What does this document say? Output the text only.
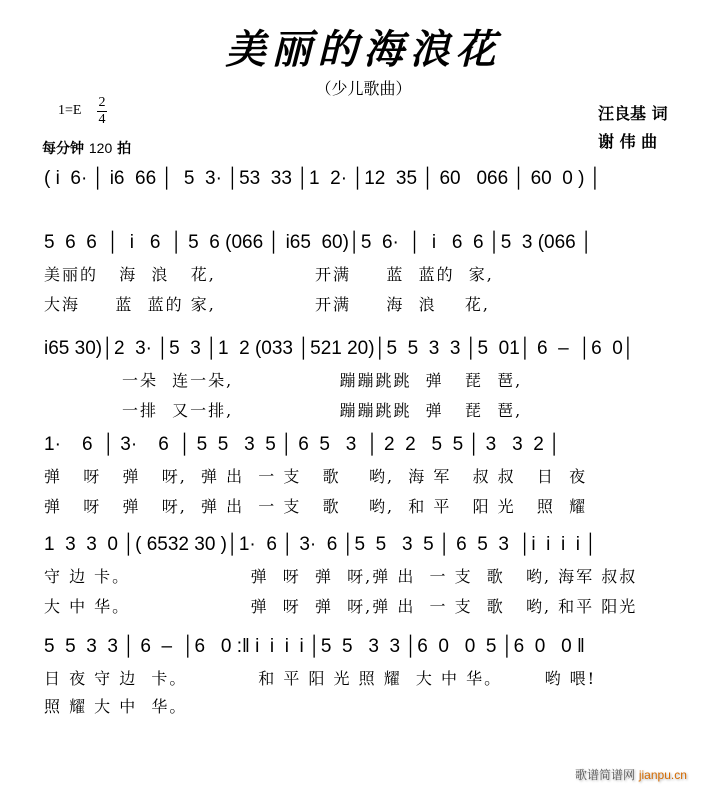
美丽的海浪花
（少儿歌曲）
1=E
2
4
每分钟 120 拍
汪良基 词
谢 伟 曲
( i  6· │ i6  66 │  5  3· │53  33 │1  2· │12  35 │ 60   066 │ 60  0 ) │
5  6  6  │  i   6  │ 5  6 (066 │ i65  60)│5  6·  │  i   6  6 │5  3 (066 │
美丽的   海  浪   花,              开满     蓝  蓝的  家,
大海     蓝  蓝的 家,              开满     海  浪    花,
i65 30)│2  3· │5  3 │1  2 (033 │521 20)│5  5  3  3 │5  01│ 6  –  │6  0│
一朵  连一朵,               蹦蹦跳跳  弹   琵  琶,
一排  又一排,               蹦蹦跳跳  弹   琵  琶,
1·    6  │ 3·    6  │ 5  5   3  5 │ 6  5   3  │ 2  2   5  5 │ 3   3  2 │
弹   呀   弹   呀,  弹 出  一 支   歌    哟,  海 军   叔 叔   日  夜
弹   呀   弹   呀,  弹 出  一 支   歌    哟,  和 平   阳 光   照  耀
1  3  3  0 │( 6532 30 )│1·  6 │ 3·  6 │5  5   3  5 │ 6  5  3  │i  i  i  i │
守 边 卡。                 弹  呀  弹  呀,弹 出  一 支  歌   哟, 海军 叔叔
大 中 华。                 弹  呀  弹  呀,弹 出  一 支  歌   哟, 和平 阳光
5  5  3  3 │ 6  –  │6   0 :‖ i  i  i  i │5  5   3  3 │6  0   0  5 │6  0   0 ‖
日 夜 守 边  卡。          和 平 阳 光 照 耀  大 中 华。      哟 喂!
照 耀 大 中  华。
歌谱简谱网 jianpu.cn
